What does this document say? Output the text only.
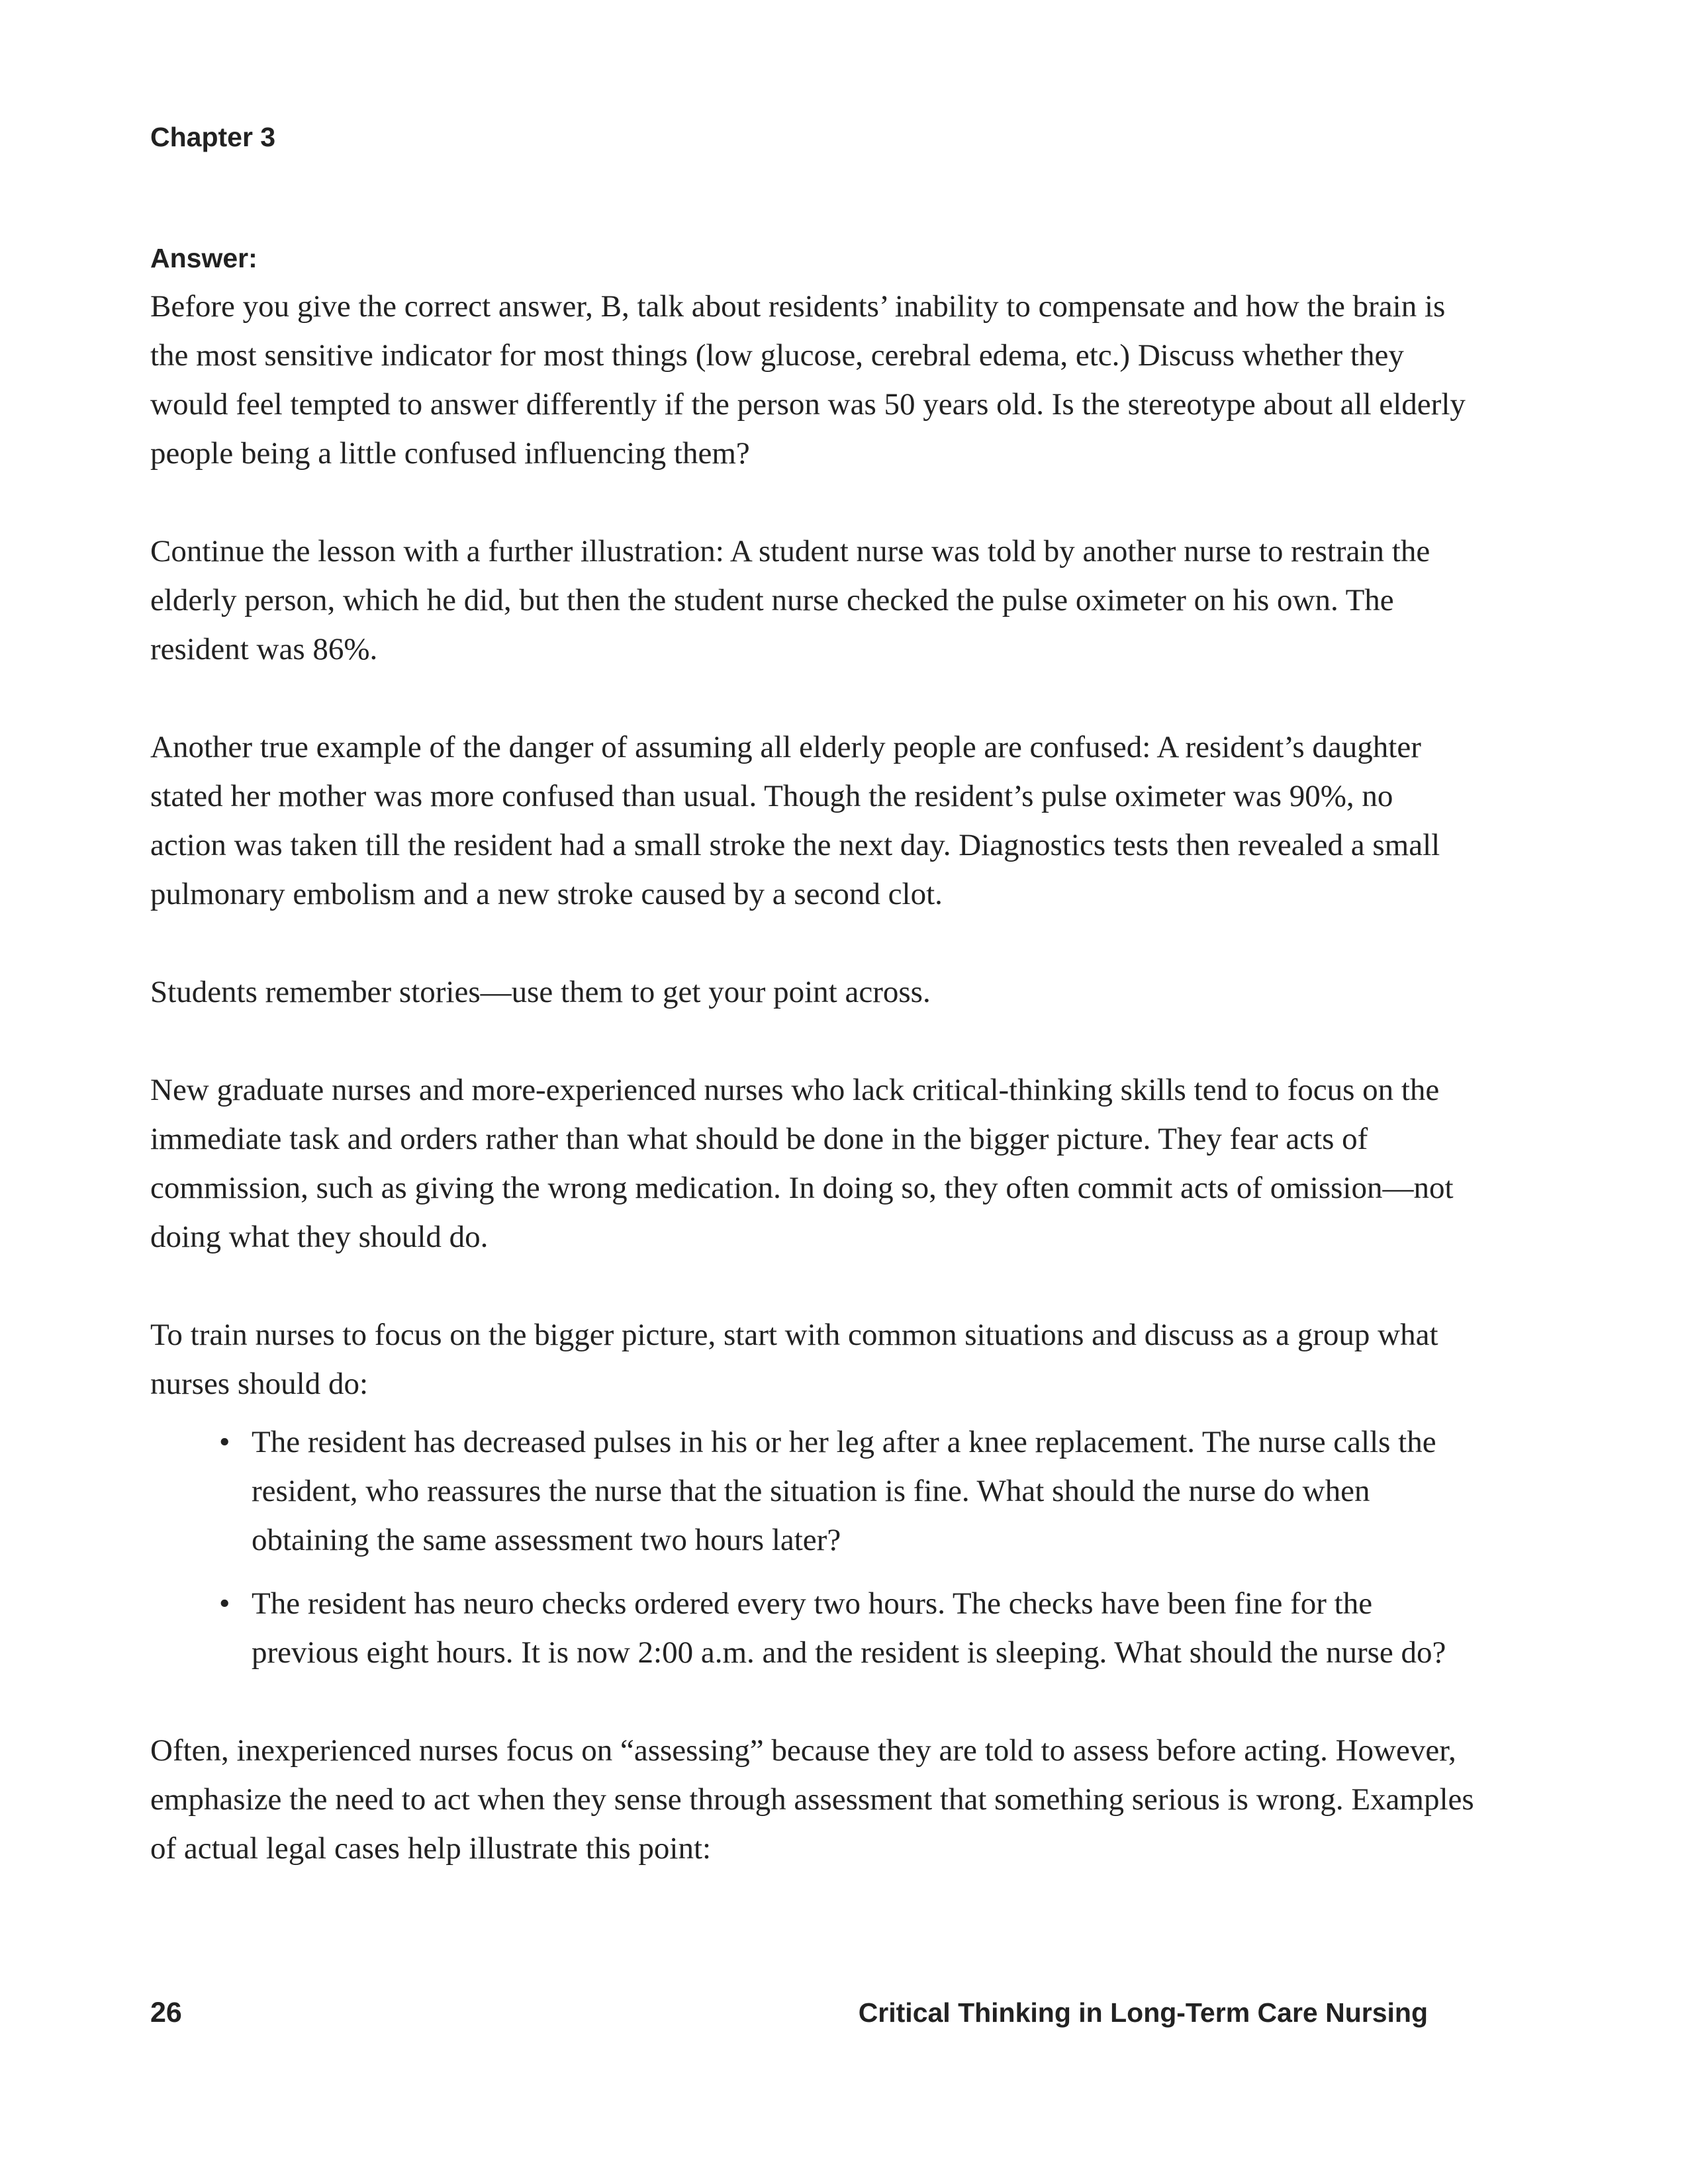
Chapter 3
Answer:

Before you give the correct answer, B, talk about residents’ inability to compensate and how the brain is the most sensitive indicator for most things (low glucose, cerebral edema, etc.) Discuss whether they would feel tempted to answer differently if the person was 50 years old. Is the stereotype about all elderly people being a little confused influencing them?

Continue the lesson with a further illustration: A student nurse was told by another nurse to restrain the elderly person, which he did, but then the student nurse checked the pulse oximeter on his own. The resident was 86%.

Another true example of the danger of assuming all elderly people are confused: A resident’s daughter stated her mother was more confused than usual. Though the resident’s pulse oximeter was 90%, no action was taken till the resident had a small stroke the next day. Diagnostics tests then revealed a small pulmonary embolism and a new stroke caused by a second clot.

Students remember stories—use them to get your point across.

New graduate nurses and more-experienced nurses who lack critical-thinking skills tend to focus on the immediate task and orders rather than what should be done in the bigger picture. They fear acts of commission, such as giving the wrong medication. In doing so, they often commit acts of omission—not doing what they should do.

To train nurses to focus on the bigger picture, start with common situations and discuss as a group what nurses should do:

• The resident has decreased pulses in his or her leg after a knee replacement. The nurse calls the resident, who reassures the nurse that the situation is fine. What should the nurse do when obtaining the same assessment two hours later?
• The resident has neuro checks ordered every two hours. The checks have been fine for the previous eight hours. It is now 2:00 a.m. and the resident is sleeping. What should the nurse do?

Often, inexperienced nurses focus on “assessing” because they are told to assess before acting. However, emphasize the need to act when they sense through assessment that something serious is wrong. Examples of actual legal cases help illustrate this point:

26	Critical Thinking in Long-Term Care Nursing
